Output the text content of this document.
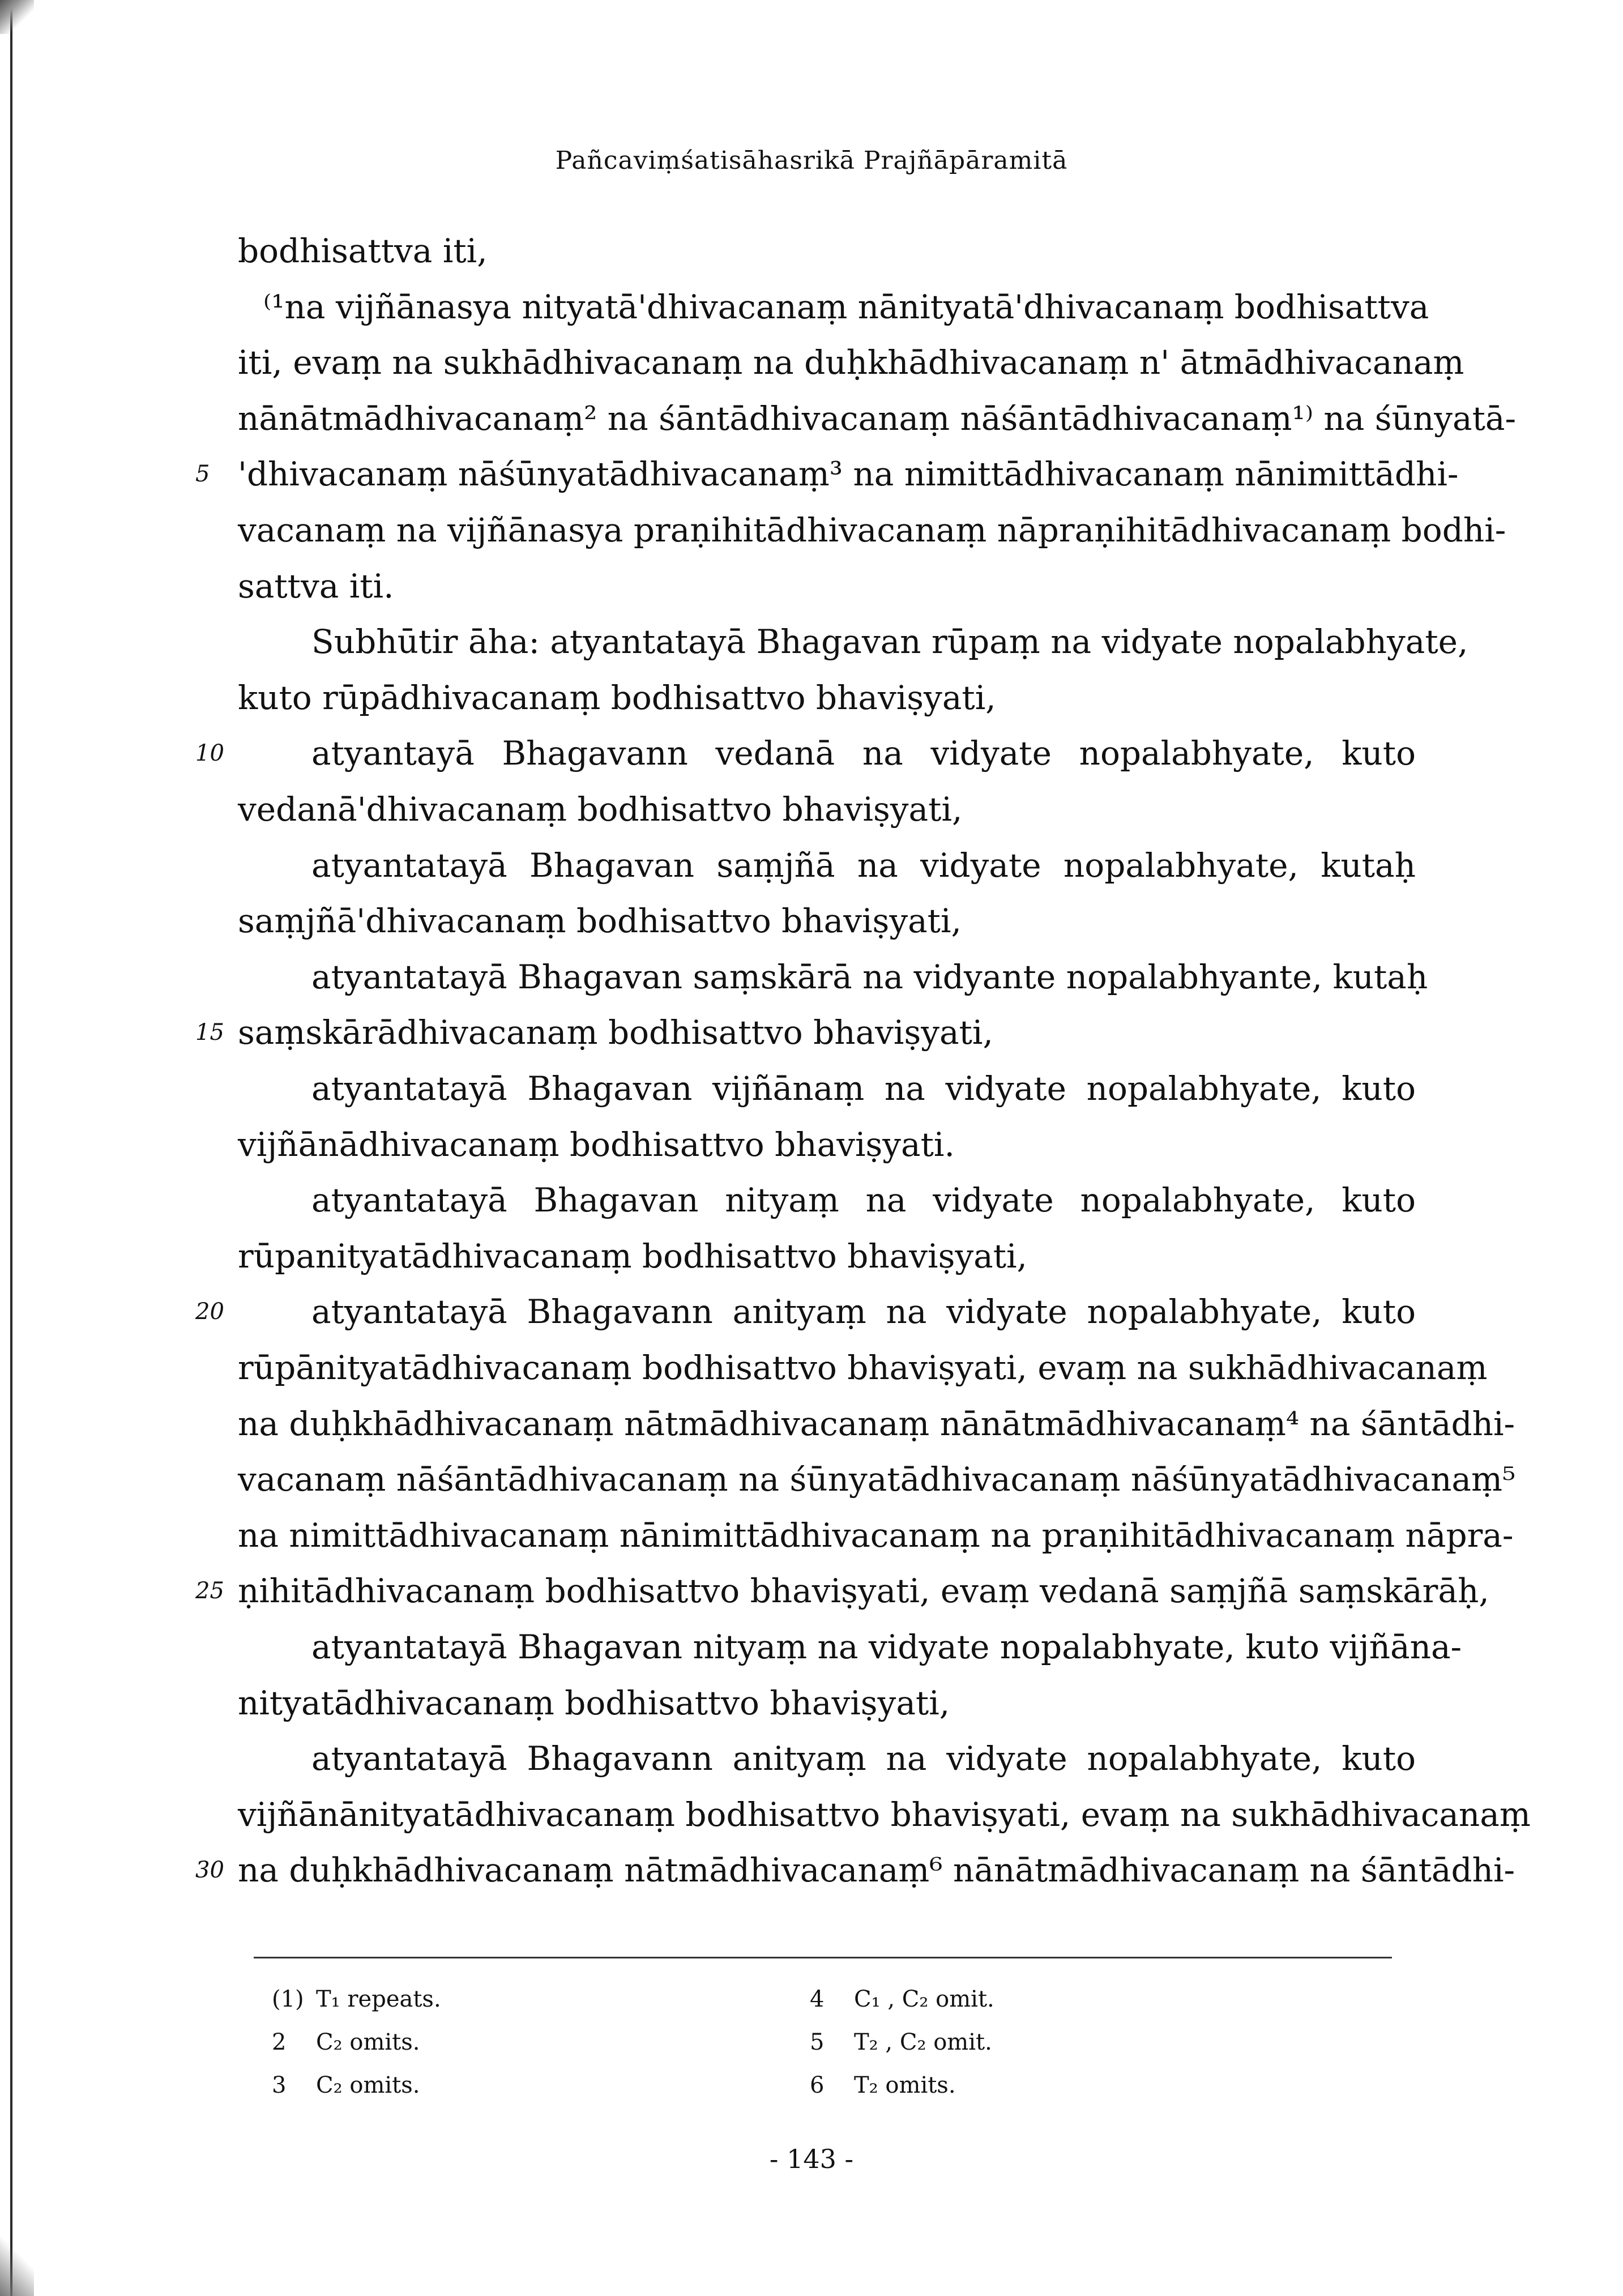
Pañcaviṃśatisāhasrikā Prajñāpāramitā
bodhisattva iti,
⁽¹na vijñānasya nityatā'dhivacanaṃ nānityatā'dhivacanaṃ bodhisattva
iti, evaṃ na sukhādhivacanaṃ na duḥkhādhivacanaṃ n' ātmādhivacanaṃ
nānātmādhivacanaṃ² na śāntādhivacanaṃ nāśāntādhivacanaṃ¹⁾ na śūnyatā-
'dhivacanaṃ nāśūnyatādhivacanaṃ³ na nimittādhivacanaṃ nānimittādhi-
vacanaṃ na vijñānasya praṇihitādhivacanaṃ nāpraṇihitādhivacanaṃ bodhi-
sattva iti.
Subhūtir āha: atyantatayā Bhagavan rūpaṃ na vidyate nopalabhyate,
kuto rūpādhivacanaṃ bodhisattvo bhaviṣyati,
atyantayā Bhagavann vedanā na vidyate nopalabhyate, kuto
vedanā'dhivacanaṃ bodhisattvo bhaviṣyati,
atyantatayā Bhagavan saṃjñā na vidyate nopalabhyate, kutaḥ
saṃjñā'dhivacanaṃ bodhisattvo bhaviṣyati,
atyantatayā Bhagavan saṃskārā na vidyante nopalabhyante, kutaḥ
saṃskārādhivacanaṃ bodhisattvo bhaviṣyati,
atyantatayā Bhagavan vijñānaṃ na vidyate nopalabhyate, kuto
vijñānādhivacanaṃ bodhisattvo bhaviṣyati.
atyantatayā Bhagavan nityaṃ na vidyate nopalabhyate, kuto
rūpanityatādhivacanaṃ bodhisattvo bhaviṣyati,
atyantatayā Bhagavann anityaṃ na vidyate nopalabhyate, kuto
rūpānityatādhivacanaṃ bodhisattvo bhaviṣyati, evaṃ na sukhādhivacanaṃ
na duḥkhādhivacanaṃ nātmādhivacanaṃ nānātmādhivacanaṃ⁴ na śāntādhi-
vacanaṃ nāśāntādhivacanaṃ na śūnyatādhivacanaṃ nāśūnyatādhivacanaṃ⁵
na nimittādhivacanaṃ nānimittādhivacanaṃ na praṇihitādhivacanaṃ nāpra-
ṇihitādhivacanaṃ bodhisattvo bhaviṣyati, evaṃ vedanā saṃjñā saṃskārāḥ,
atyantatayā Bhagavan nityaṃ na vidyate nopalabhyate, kuto vijñāna-
nityatādhivacanaṃ bodhisattvo bhaviṣyati,
atyantatayā Bhagavann anityaṃ na vidyate nopalabhyate, kuto
vijñānānityatādhivacanaṃ bodhisattvo bhaviṣyati, evaṃ na sukhādhivacanaṃ
na duḥkhādhivacanaṃ nātmādhivacanaṃ⁶ nānātmādhivacanaṃ na śāntādhi-
5
10
15
20
25
30
(1) T₁ repeats.
2 C₂ omits.
3 C₂ omits.
4 C₁ , C₂ omit.
5 T₂ , C₂ omit.
6 T₂ omits.
- 143 -
